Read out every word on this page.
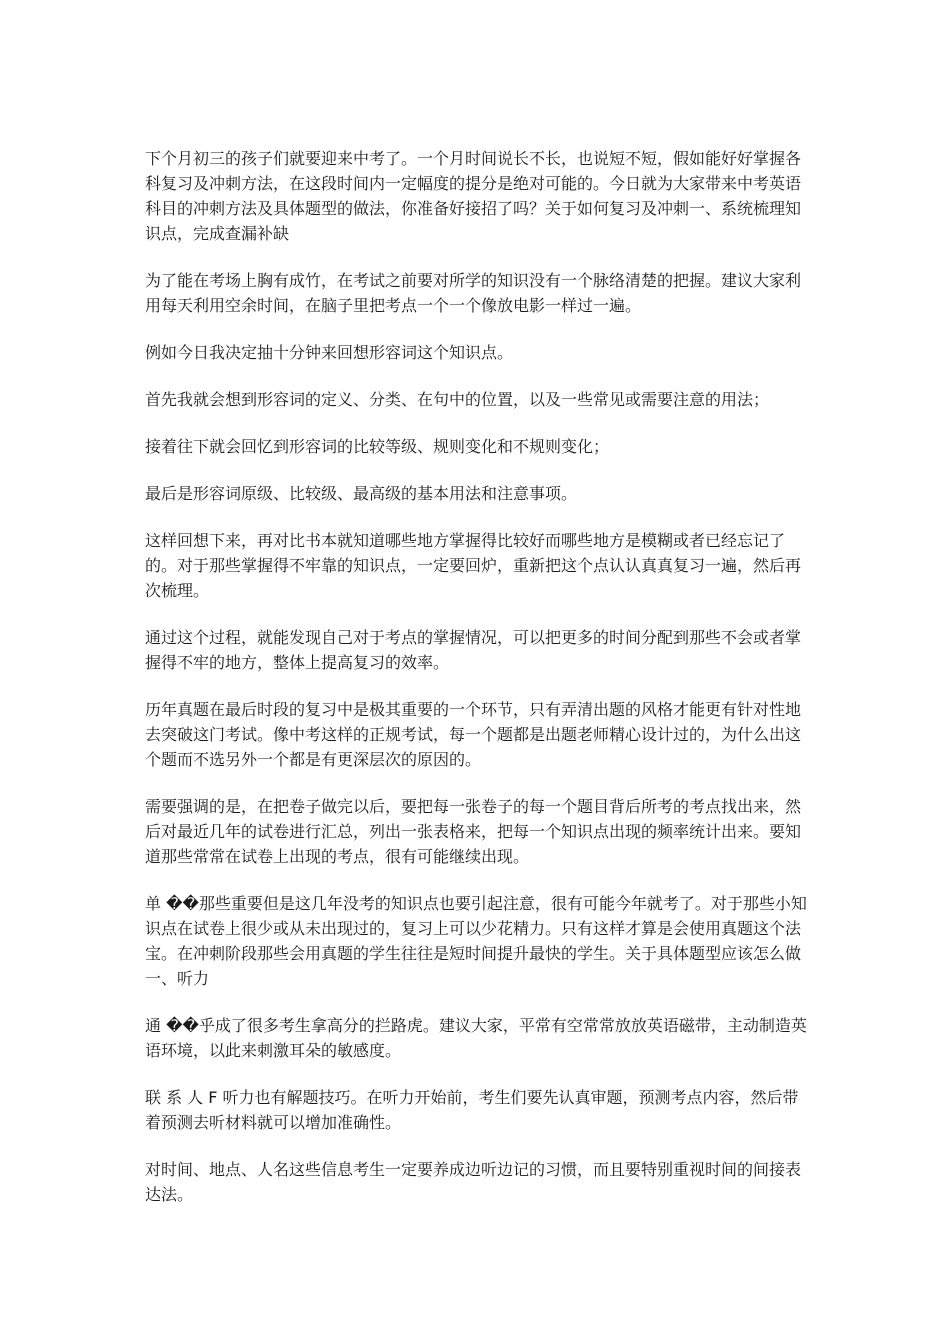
下个月初三的孩子们就要迎来中考了。一个月时间说长不长，也说短不短，假如能好好掌握各科复习及冲刺方法，在这段时间内一定幅度的提分是绝对可能的。今日就为大家带来中考英语科目的冲刺方法及具体题型的做法，你准备好接招了吗？关于如何复习及冲刺一、系统梳理知识点，完成查漏补缺

为了能在考场上胸有成竹，在考试之前要对所学的知识没有一个脉络清楚的把握。建议大家利用每天利用空余时间，在脑子里把考点一个一个像放电影一样过一遍。

例如今日我决定抽十分钟来回想形容词这个知识点。

首先我就会想到形容词的定义、分类、在句中的位置，以及一些常见或需要注意的用法；

接着往下就会回忆到形容词的比较等级、规则变化和不规则变化；

最后是形容词原级、比较级、最高级的基本用法和注意事项。

这样回想下来，再对比书本就知道哪些地方掌握得比较好而哪些地方是模糊或者已经忘记了的。对于那些掌握得不牢靠的知识点，一定要回炉，重新把这个点认认真真复习一遍，然后再次梳理。

通过这个过程，就能发现自己对于考点的掌握情况，可以把更多的时间分配到那些不会或者掌握得不牢的地方，整体上提高复习的效率。

历年真题在最后时段的复习中是极其重要的一个环节，只有弄清出题的风格才能更有针对性地去突破这门考试。像中考这样的正规考试，每一个题都是出题老师精心设计过的，为什么出这个题而不选另外一个都是有更深层次的原因的。

需要强调的是，在把卷子做完以后，要把每一张卷子的每一个题目背后所考的考点找出来，然后对最近几年的试卷进行汇总，列出一张表格来，把每一个知识点出现的频率统计出来。要知道那些常常在试卷上出现的考点，很有可能继续出现。

单 ��那些重要但是这几年没考的知识点也要引起注意，很有可能今年就考了。对于那些小知识点在试卷上很少或从未出现过的，复习上可以少花精力。只有这样才算是会使用真题这个法宝。在冲刺阶段那些会用真题的学生往往是短时间提升最快的学生。关于具体题型应该怎么做一、听力

通 ��乎成了很多考生拿高分的拦路虎。建议大家，平常有空常常放放英语磁带，主动制造英语环境，以此来刺激耳朵的敏感度。

联 系 人 F 听力也有解题技巧。在听力开始前，考生们要先认真审题，预测考点内容，然后带着预测去听材料就可以增加准确性。

对时间、地点、人名这些信息考生一定要养成边听边记的习惯，而且要特别重视时间的间接表达法。
